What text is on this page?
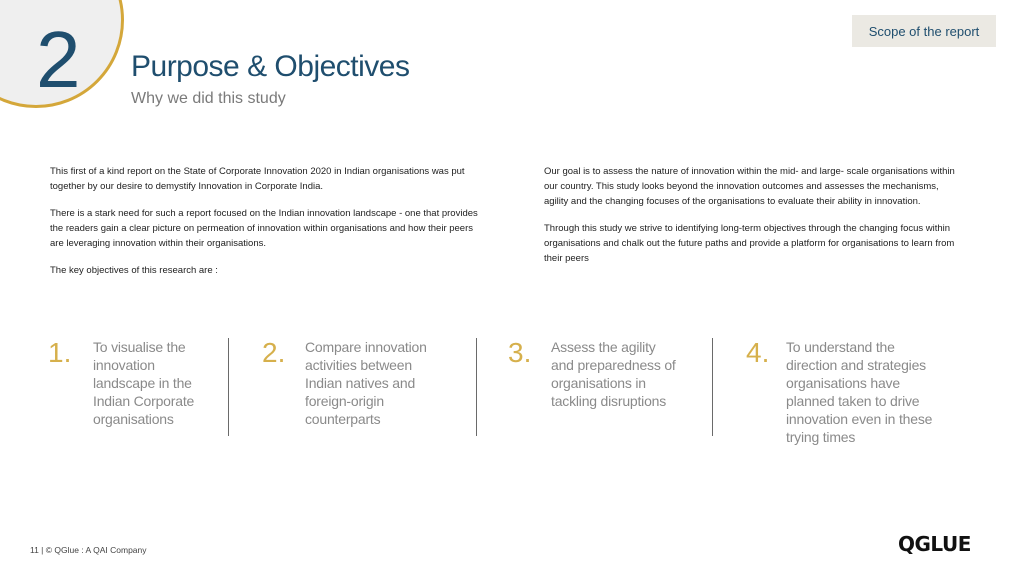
2 Purpose & Objectives
Why we did this study
Scope of the report

This first of a kind report on the State of Corporate Innovation 2020 in Indian organisations was put together by our desire to demystify Innovation in Corporate India.

There is a stark need for such a report focused on the Indian innovation landscape - one that provides the readers gain a clear picture on permeation of innovation within organisations and how their peers are leveraging innovation within their organisations.

The key objectives of this research are :

Our goal is to assess the nature of innovation within the mid- and large- scale organisations within our country. This study looks beyond the innovation outcomes and assesses the mechanisms, agility and the changing focuses of the organisations to evaluate their ability in innovation.

Through this study we strive to identifying long-term objectives through the changing focus within organisations and chalk out the future paths and provide a platform for organisations to learn from their peers

1. To visualise the innovation landscape in the Indian Corporate organisations
2. Compare innovation activities between Indian natives and foreign-origin counterparts
3. Assess the agility and preparedness of organisations in tackling disruptions
4. To understand the direction and strategies organisations have planned taken to drive innovation even in these trying times
11 | © QGlue : A QAI Company	QGLUE
